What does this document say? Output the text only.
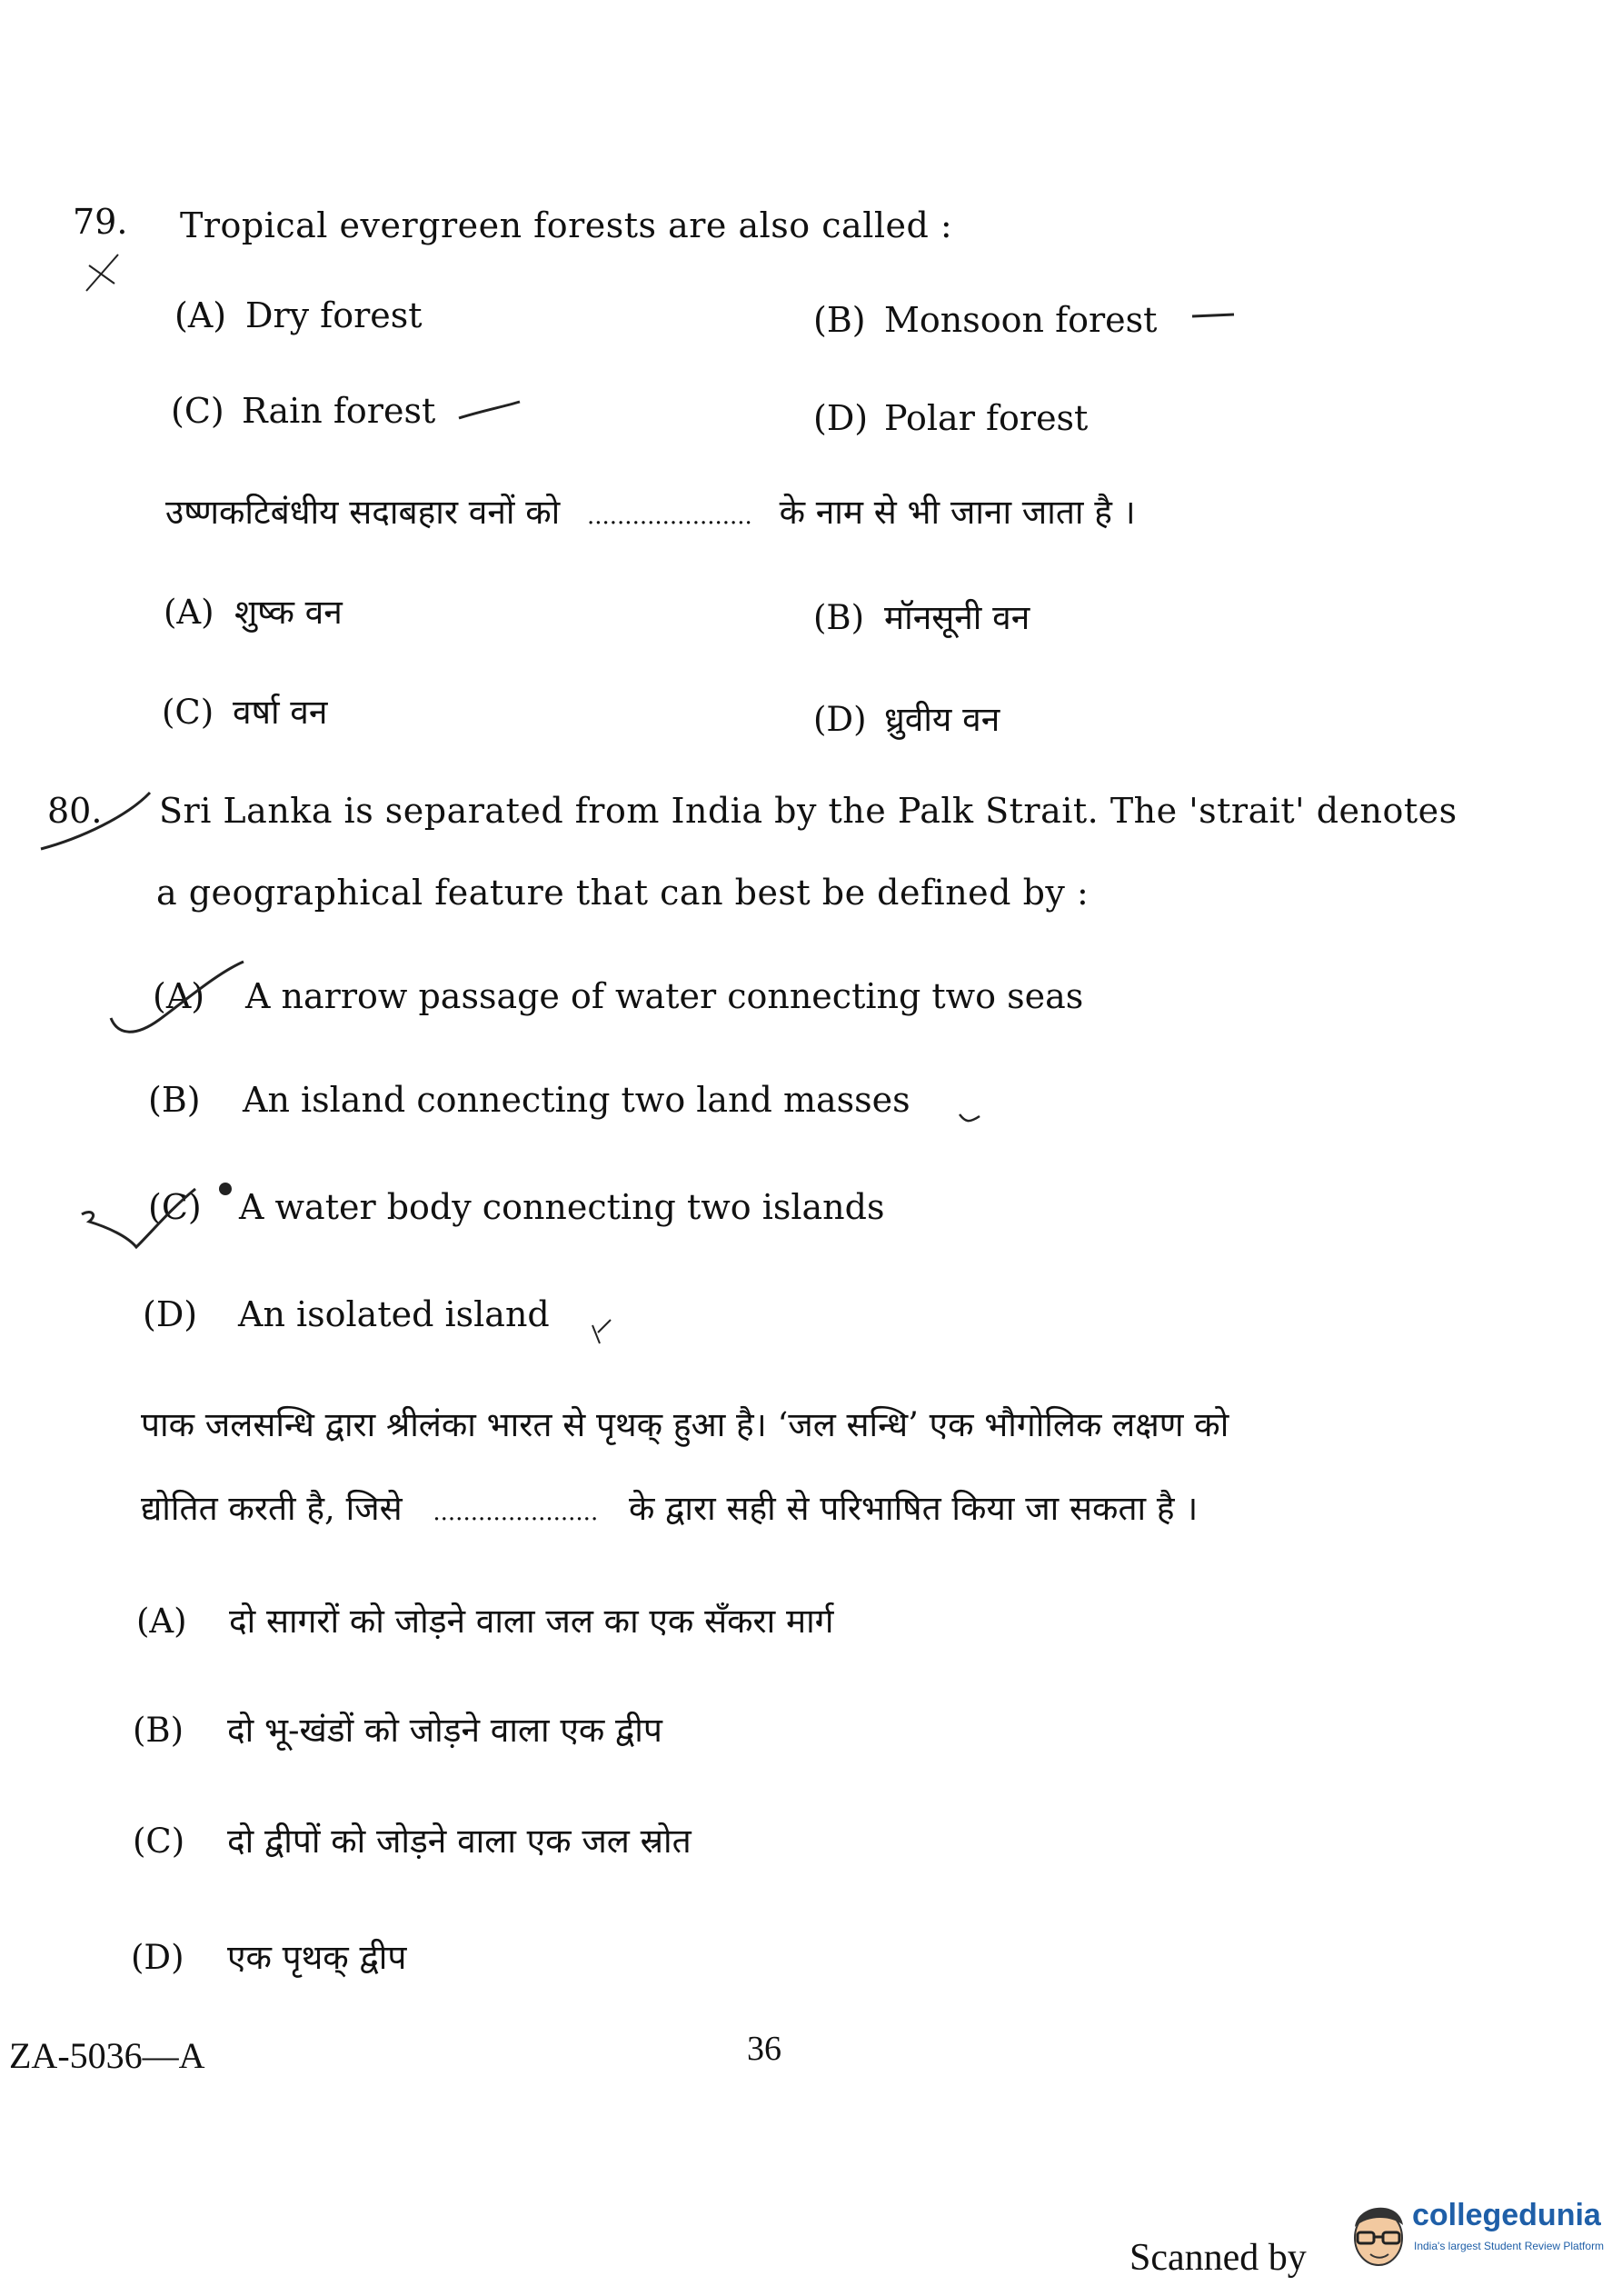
79. Tropical evergreen forests are also called :
(A) Dry forest	(B) Monsoon forest
(C) Rain forest	(D) Polar forest
उष्णकटिबंधीय सदाबहार वनों को ...................... के नाम से भी जाना जाता है ।
(A) शुष्क वन	(B) मॉनसूनी वन
(C) वर्षा वन	(D) ध्रुवीय वन
80. Sri Lanka is separated from India by the Palk Strait. The 'strait' denotes
a geographical feature that can best be defined by :
(A) A narrow passage of water connecting two seas
(B) An island connecting two land masses
(C) A water body connecting two islands
(D) An isolated island
पाक जलसन्धि द्वारा श्रीलंका भारत से पृथक् हुआ है। ‘जल सन्धि’ एक भौगोलिक लक्षण को
द्योतित करती है, जिसे ...................... के द्वारा सही से परिभाषित किया जा सकता है ।
(A) दो सागरों को जोड़ने वाला जल का एक सँकरा मार्ग
(B) दो भू-खंडों को जोड़ने वाला एक द्वीप
(C) दो द्वीपों को जोड़ने वाला एक जल स्रोत
(D) एक पृथक् द्वीप
ZA-5036—A	36
Scanned by
collegedunia
India's largest Student Review Platform
